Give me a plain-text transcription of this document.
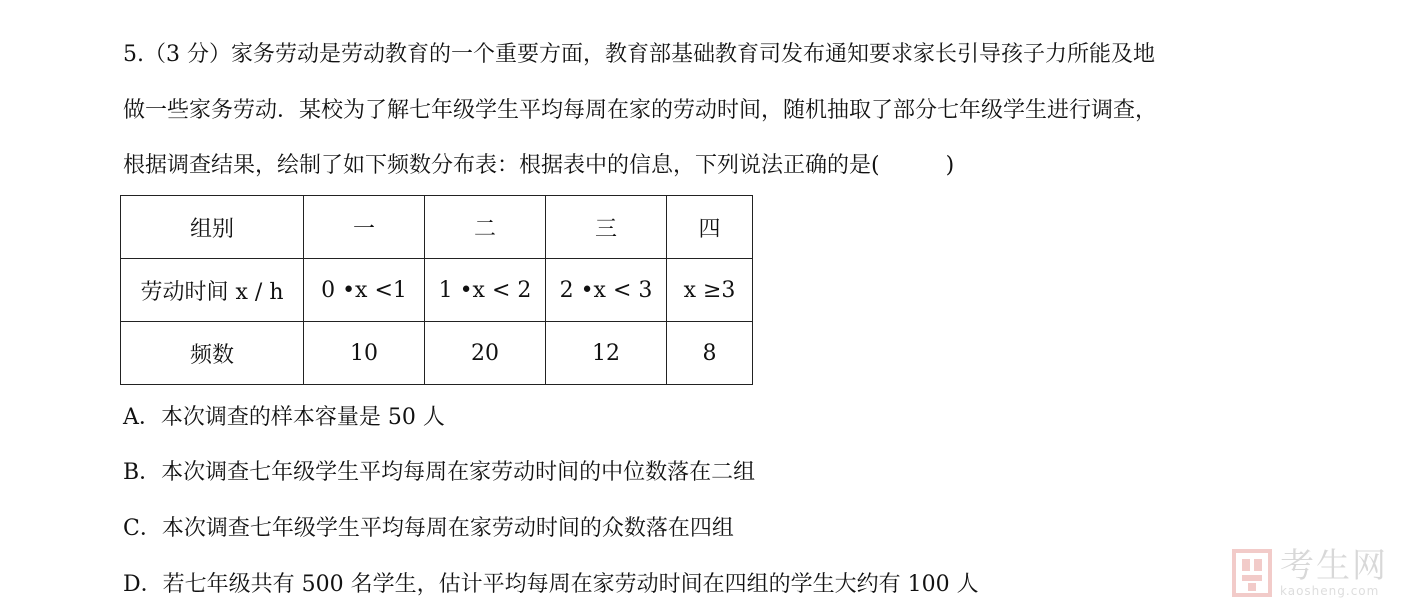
5.（3 分）家务劳动是劳动教育的一个重要方面，教育部基础教育司发布通知要求家长引导孩子力所能及地
做一些家务劳动．某校为了解七年级学生平均每周在家的劳动时间，随机抽取了部分七年级学生进行调查，
根据调查结果，绘制了如下频数分布表：根据表中的信息，下列说法正确的是(	)
组别	一	二	三	四
劳动时间 x / h	0 •x <1	1 •x < 2	2 •x < 3	x ≥3
频数	10	20	12	8
A．本次调查的样本容量是 50 人
B．本次调查七年级学生平均每周在家劳动时间的中位数落在二组
C．本次调查七年级学生平均每周在家劳动时间的众数落在四组
D．若七年级共有 500 名学生，估计平均每周在家劳动时间在四组的学生大约有 100 人	考生网
kaosheng.com
